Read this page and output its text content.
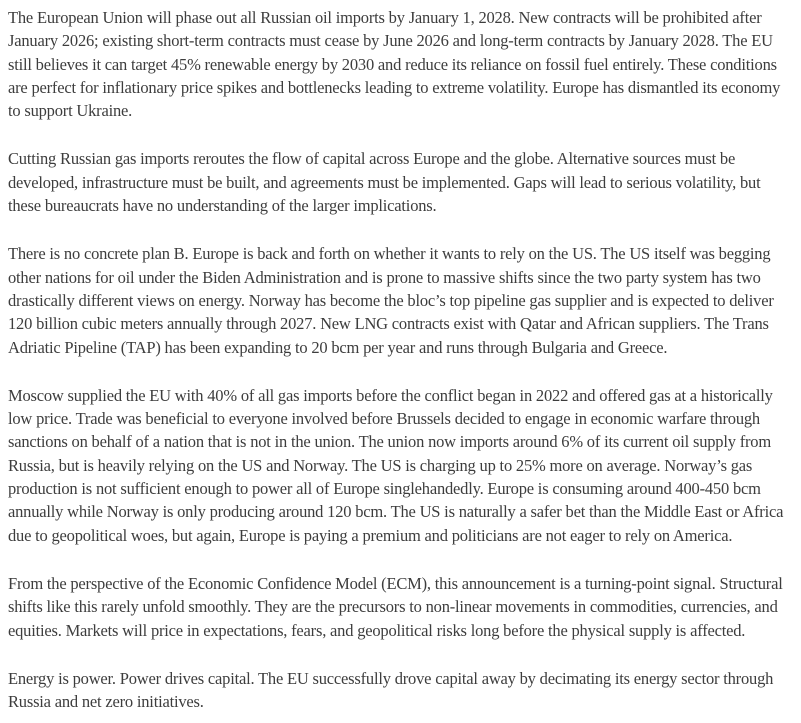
The European Union will phase out all Russian oil imports by January 1, 2028. New contracts will be prohibited after January 2026; existing short-term contracts must cease by June 2026 and long-term contracts by January 2028. The EU still believes it can target 45% renewable energy by 2030 and reduce its reliance on fossil fuel entirely. These conditions are perfect for inflationary price spikes and bottlenecks leading to extreme volatility. Europe has dismantled its economy to support Ukraine.

Cutting Russian gas imports reroutes the flow of capital across Europe and the globe. Alternative sources must be developed, infrastructure must be built, and agreements must be implemented. Gaps will lead to serious volatility, but these bureaucrats have no understanding of the larger implications.

There is no concrete plan B. Europe is back and forth on whether it wants to rely on the US. The US itself was begging other nations for oil under the Biden Administration and is prone to massive shifts since the two party system has two drastically different views on energy. Norway has become the bloc’s top pipeline gas supplier and is expected to deliver 120 billion cubic meters annually through 2027. New LNG contracts exist with Qatar and African suppliers. The Trans Adriatic Pipeline (TAP) has been expanding to 20 bcm per year and runs through Bulgaria and Greece.

Moscow supplied the EU with 40% of all gas imports before the conflict began in 2022 and offered gas at a historically low price. Trade was beneficial to everyone involved before Brussels decided to engage in economic warfare through sanctions on behalf of a nation that is not in the union. The union now imports around 6% of its current oil supply from Russia, but is heavily relying on the US and Norway. The US is charging up to 25% more on average. Norway’s gas production is not sufficient enough to power all of Europe singlehandedly. Europe is consuming around 400-450 bcm annually while Norway is only producing around 120 bcm. The US is naturally a safer bet than the Middle East or Africa due to geopolitical woes, but again, Europe is paying a premium and politicians are not eager to rely on America.

From the perspective of the Economic Confidence Model (ECM), this announcement is a turning-point signal. Structural shifts like this rarely unfold smoothly. They are the precursors to non-linear movements in commodities, currencies, and equities. Markets will price in expectations, fears, and geopolitical risks long before the physical supply is affected.

Energy is power. Power drives capital. The EU successfully drove capital away by decimating its energy sector through Russia and net zero initiatives.
